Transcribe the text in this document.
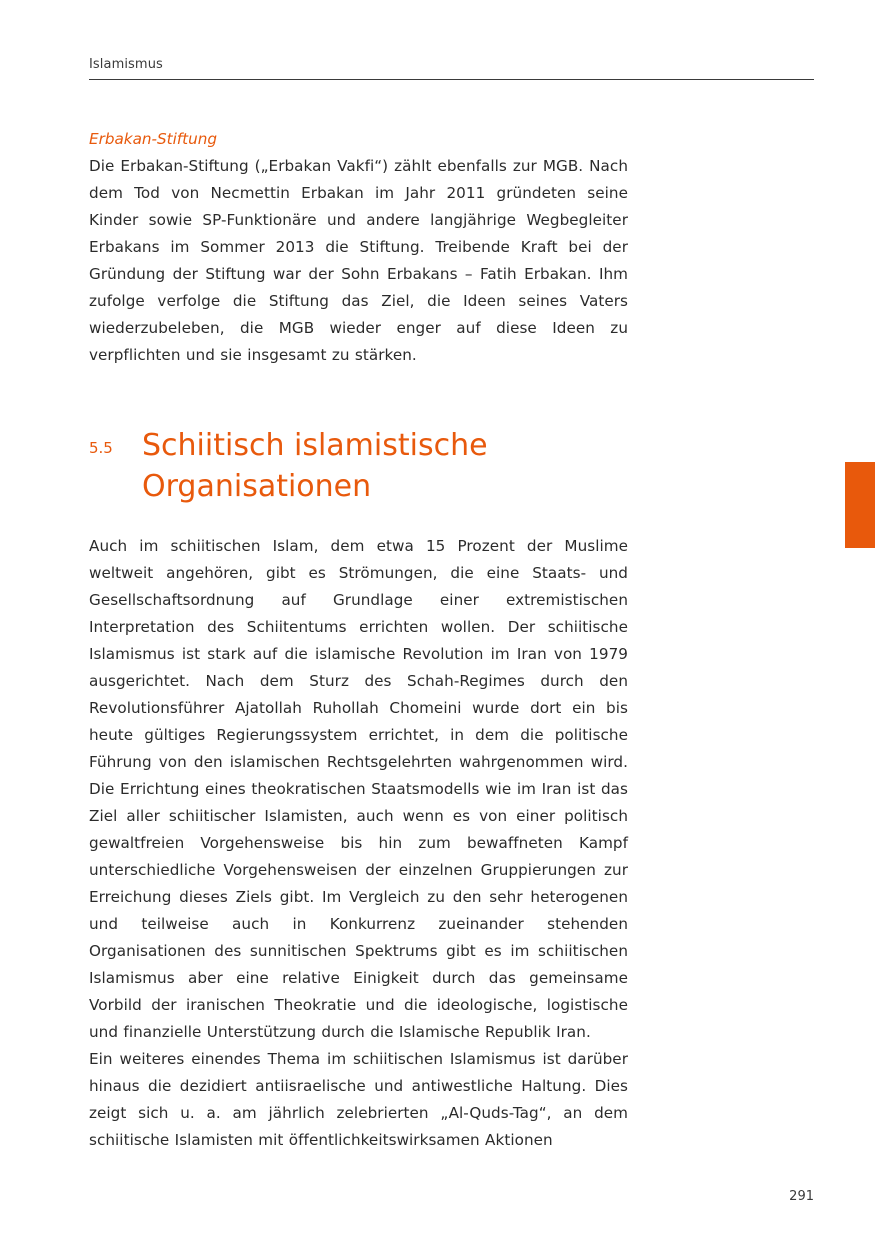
Islamismus

Erbakan-Stiftung

Die Erbakan-Stiftung („Erbakan Vakfi“) zählt ebenfalls zur MGB. Nach dem Tod von Necmettin Erbakan im Jahr 2011 gründeten seine Kinder sowie SP-Funktionäre und andere langjährige Wegbegleiter Erbakans im Sommer 2013 die Stiftung. Treibende Kraft bei der Gründung der Stiftung war der Sohn Erbakans – Fatih Erbakan. Ihm zufolge verfolge die Stiftung das Ziel, die Ideen seines Vaters wiederzubeleben, die MGB wieder enger auf diese Ideen zu verpflichten und sie insgesamt zu stärken.

5.5 Schiitisch islamistische Organisationen

Auch im schiitischen Islam, dem etwa 15 Prozent der Muslime weltweit angehören, gibt es Strömungen, die eine Staats- und Gesellschaftsordnung auf Grundlage einer extremistischen Interpretation des Schiitentums errichten wollen. Der schiitische Islamismus ist stark auf die islamische Revolution im Iran von 1979 ausgerichtet. Nach dem Sturz des Schah-Regimes durch den Revolutionsführer Ajatollah Ruhollah Chomeini wurde dort ein bis heute gültiges Regierungssystem errichtet, in dem die politische Führung von den islamischen Rechtsgelehrten wahrgenommen wird. Die Errichtung eines theokratischen Staatsmodells wie im Iran ist das Ziel aller schiitischer Islamisten, auch wenn es von einer politisch gewaltfreien Vorgehensweise bis hin zum bewaffneten Kampf unterschiedliche Vorgehensweisen der einzelnen Gruppierungen zur Erreichung dieses Ziels gibt. Im Vergleich zu den sehr heterogenen und teilweise auch in Konkurrenz zueinander stehenden Organisationen des sunnitischen Spektrums gibt es im schiitischen Islamismus aber eine relative Einigkeit durch das gemeinsame Vorbild der iranischen Theokratie und die ideologische, logistische und finanzielle Unterstützung durch die Islamische Republik Iran.

Ein weiteres einendes Thema im schiitischen Islamismus ist darüber hinaus die dezidiert antiisraelische und antiwestliche Haltung. Dies zeigt sich u. a. am jährlich zelebrierten „Al-Quds-Tag“, an dem schiitische Islamisten mit öffentlichkeitswirksamen Aktionen

291
